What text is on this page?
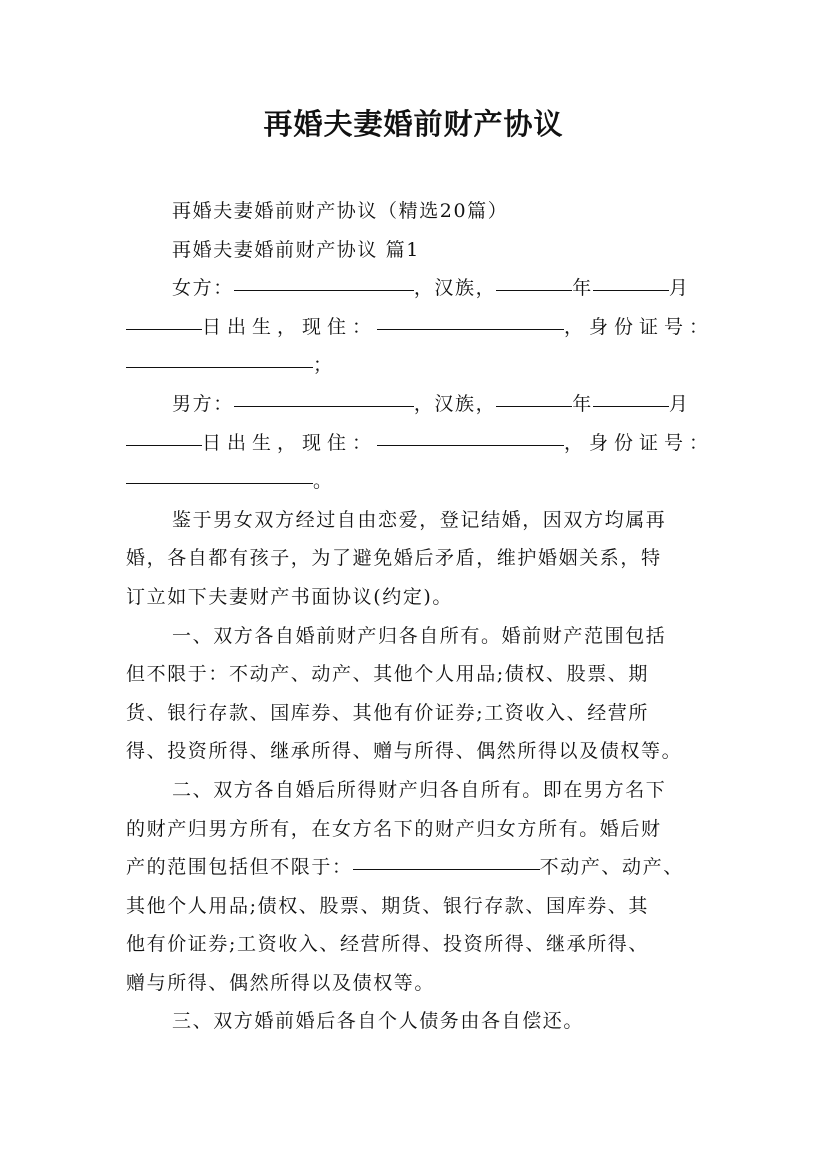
再婚夫妻婚前财产协议
再婚夫妻婚前财产协议（精选20篇）
再婚夫妻婚前财产协议 篇1
女方：	，汉族，	年	月
日出生，现住：	，身份证号：
；
男方：	，汉族，	年	月
日出生，现住：	，身份证号：
。
鉴于男女双方经过自由恋爱，登记结婚，因双方均属再
婚，各自都有孩子，为了避免婚后矛盾，维护婚姻关系，特
订立如下夫妻财产书面协议(约定)。
一、双方各自婚前财产归各自所有。婚前财产范围包括
但不限于：不动产、动产、其他个人用品;债权、股票、期
货、银行存款、国库券、其他有价证券;工资收入、经营所
得、投资所得、继承所得、赠与所得、偶然所得以及债权等。
二、双方各自婚后所得财产归各自所有。即在男方名下
的财产归男方所有，在女方名下的财产归女方所有。婚后财
产的范围包括但不限于：	不动产、动产、
其他个人用品;债权、股票、期货、银行存款、国库券、其
他有价证券;工资收入、经营所得、投资所得、继承所得、
赠与所得、偶然所得以及债权等。
三、双方婚前婚后各自个人债务由各自偿还。
